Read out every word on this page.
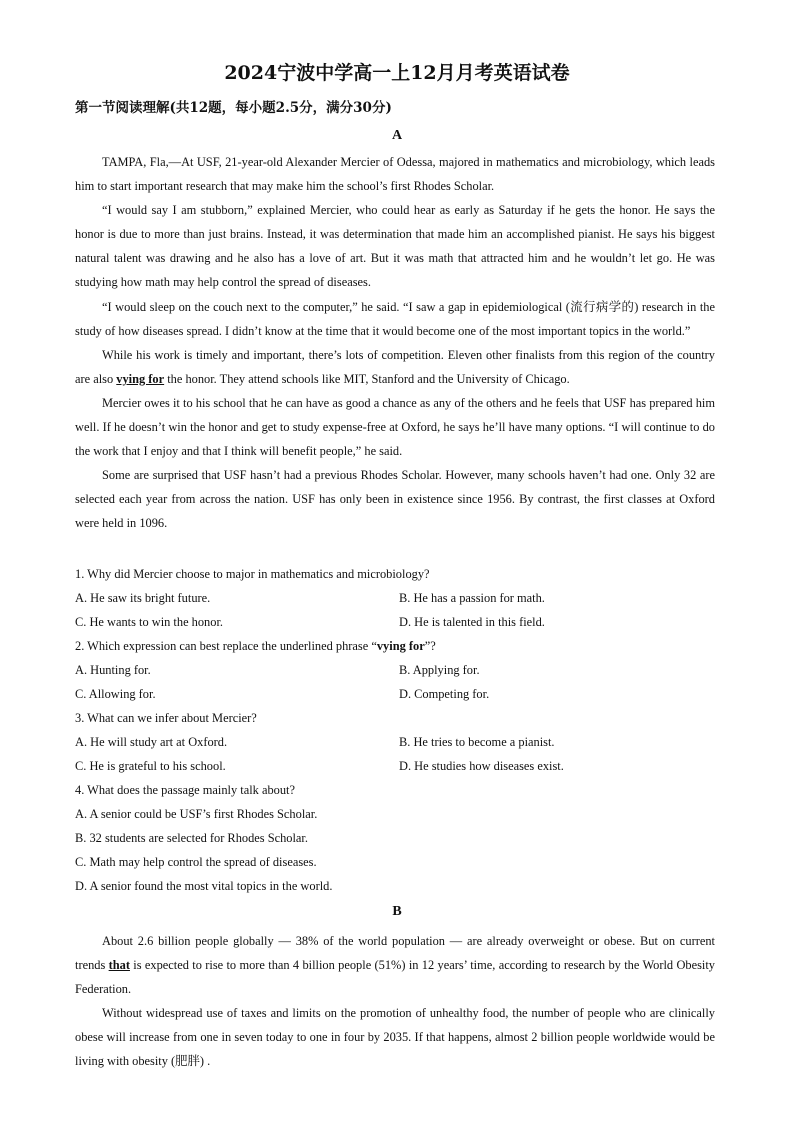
2024宁波中学高一上12月月考英语试卷
第一节阅读理解(共12题，每小题2.5分，满分30分)
A

TAMPA, Fla,—At USF, 21-year-old Alexander Mercier of Odessa, majored in mathematics and microbiology, which leads him to start important research that may make him the school’s first Rhodes Scholar.

“I would say I am stubborn,” explained Mercier, who could hear as early as Saturday if he gets the honor. He says the honor is due to more than just brains. Instead, it was determination that made him an accomplished pianist. He says his biggest natural talent was drawing and he also has a love of art. But it was math that attracted him and he wouldn’t let go. He was studying how math may help control the spread of diseases.

“I would sleep on the couch next to the computer,” he said. “I saw a gap in epidemiological (流行病学的) research in the study of how diseases spread. I didn’t know at the time that it would become one of the most important topics in the world.”

While his work is timely and important, there’s lots of competition. Eleven other finalists from this region of the country are also vying for the honor. They attend schools like MIT, Stanford and the University of Chicago.

Mercier owes it to his school that he can have as good a chance as any of the others and he feels that USF has prepared him well. If he doesn’t win the honor and get to study expense-free at Oxford, he says he’ll have many options. “I will continue to do the work that I enjoy and that I think will benefit people,” he said.

Some are surprised that USF hasn’t had a previous Rhodes Scholar. However, many schools haven’t had one. Only 32 are selected each year from across the nation. USF has only been in existence since 1956. By contrast, the first classes at Oxford were held in 1096.

1. Why did Mercier choose to major in mathematics and microbiology?
A. He saw its bright future.	B. He has a passion for math.
C. He wants to win the honor.	D. He is talented in this field.
2. Which expression can best replace the underlined phrase “vying for”?
A. Hunting for.	B. Applying for.
C. Allowing for.	D. Competing for.
3. What can we infer about Mercier?
A. He will study art at Oxford.	B. He tries to become a pianist.
C. He is grateful to his school.	D. He studies how diseases exist.
4. What does the passage mainly talk about?
A. A senior could be USF’s first Rhodes Scholar.
B. 32 students are selected for Rhodes Scholar.
C. Math may help control the spread of diseases.
D. A senior found the most vital topics in the world.
B

About 2.6 billion people globally — 38% of the world population — are already overweight or obese. But on current trends that is expected to rise to more than 4 billion people (51%) in 12 years’ time, according to research by the World Obesity Federation.

Without widespread use of taxes and limits on the promotion of unhealthy food, the number of people who are clinically obese will increase from one in seven today to one in four by 2035. If that happens, almost 2 billion people worldwide would be living with obesity (肥胖) .
